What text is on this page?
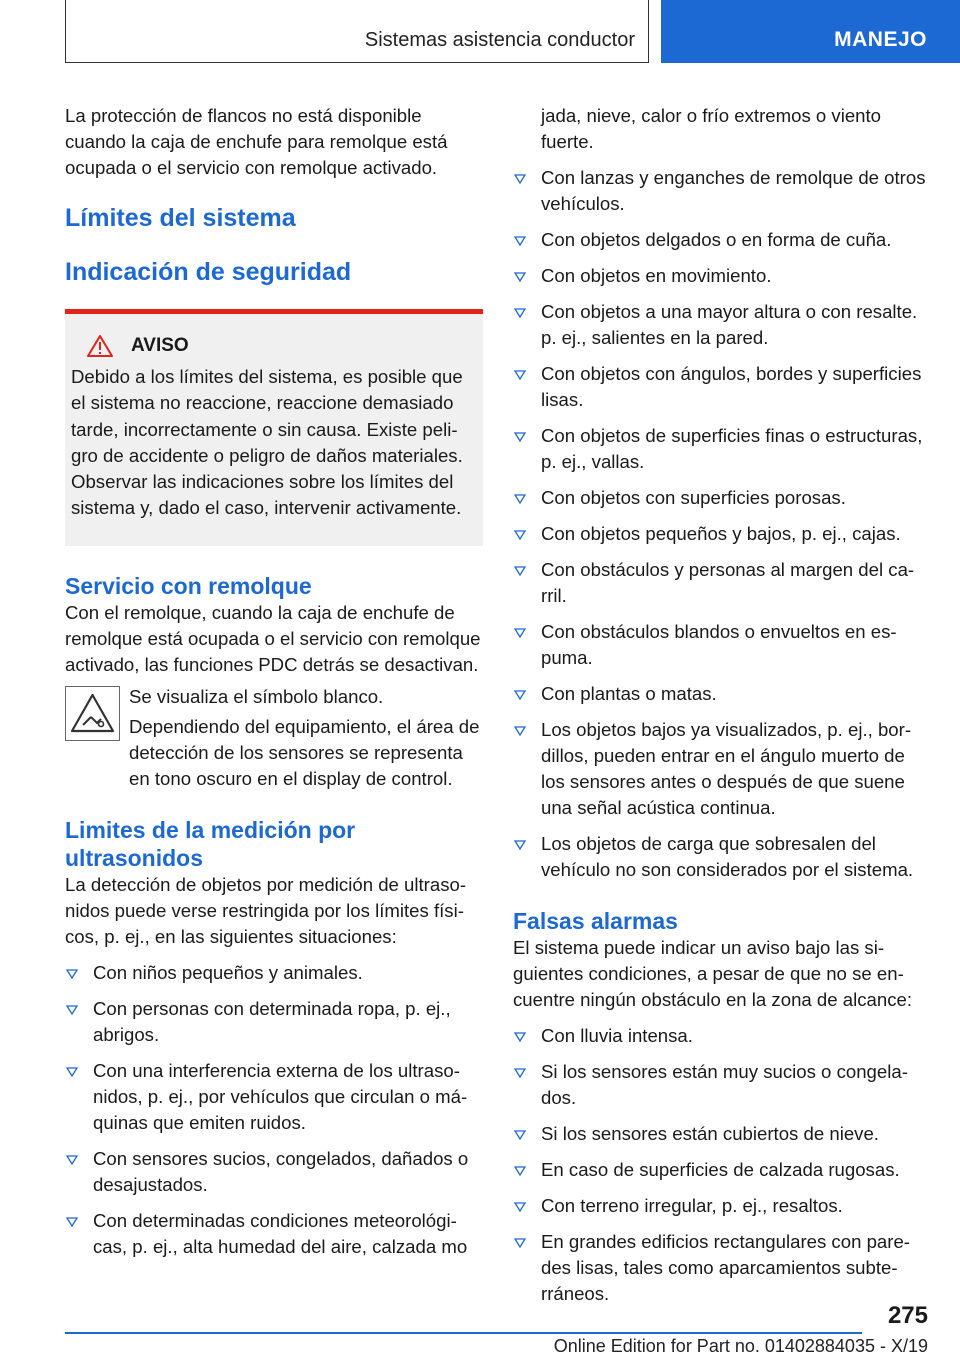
Sistemas asistencia conductor	MANEJO

La protección de flancos no está disponible cuando la caja de enchufe para remolque está ocupada o el servicio con remolque activado.

Límites del sistema
Indicación de seguridad
AVISO

Debido a los límites del sistema, es posible que el sistema no reaccione, reaccione demasiado tarde, incorrectamente o sin causa. Existe peligro de accidente o peligro de daños materiales. Observar las indicaciones sobre los límites del sistema y, dado el caso, intervenir activamente.

Servicio con remolque

Con el remolque, cuando la caja de enchufe de remolque está ocupada o el servicio con remolque activado, las funciones PDC detrás se desactivan.

Se visualiza el símbolo blanco.

Dependiendo del equipamiento, el área de detección de los sensores se representa en tono oscuro en el display de control.

Limites de la medición por ultrasonidos

La detección de objetos por medición de ultrasonidos puede verse restringida por los límites físicos, p. ej., en las siguientes situaciones:

Con niños pequeños y animales.
Con personas con determinada ropa, p. ej., abrigos.
Con una interferencia externa de los ultrasonidos, p. ej., por vehículos que circulan o máquinas que emiten ruidos.
Con sensores sucios, congelados, dañados o desajustados.
Con determinadas condiciones meteorológicas, p. ej., alta humedad del aire, calzada mo

jada, nieve, calor o frío extremos o viento fuerte.

Con lanzas y enganches de remolque de otros vehículos.
Con objetos delgados o en forma de cuña.
Con objetos en movimiento.
Con objetos a una mayor altura o con resalte. p. ej., salientes en la pared.
Con objetos con ángulos, bordes y superficies lisas.
Con objetos de superficies finas o estructuras, p. ej., vallas.
Con objetos con superficies porosas.
Con objetos pequeños y bajos, p. ej., cajas.
Con obstáculos y personas al margen del carril.
Con obstáculos blandos o envueltos en espuma.
Con plantas o matas.
Los objetos bajos ya visualizados, p. ej., bordillos, pueden entrar en el ángulo muerto de los sensores antes o después de que suene una señal acústica continua.
Los objetos de carga que sobresalen del vehículo no son considerados por el sistema.
Falsas alarmas

El sistema puede indicar un aviso bajo las siguientes condiciones, a pesar de que no se encuentre ningún obstáculo en la zona de alcance:

Con lluvia intensa.
Si los sensores están muy sucios o congelados.
Si los sensores están cubiertos de nieve.
En caso de superficies de calzada rugosas.
Con terreno irregular, p. ej., resaltos.
En grandes edificios rectangulares con paredes lisas, tales como aparcamientos subterráneos.
275
Online Edition for Part no. 01402884035 - X/19
